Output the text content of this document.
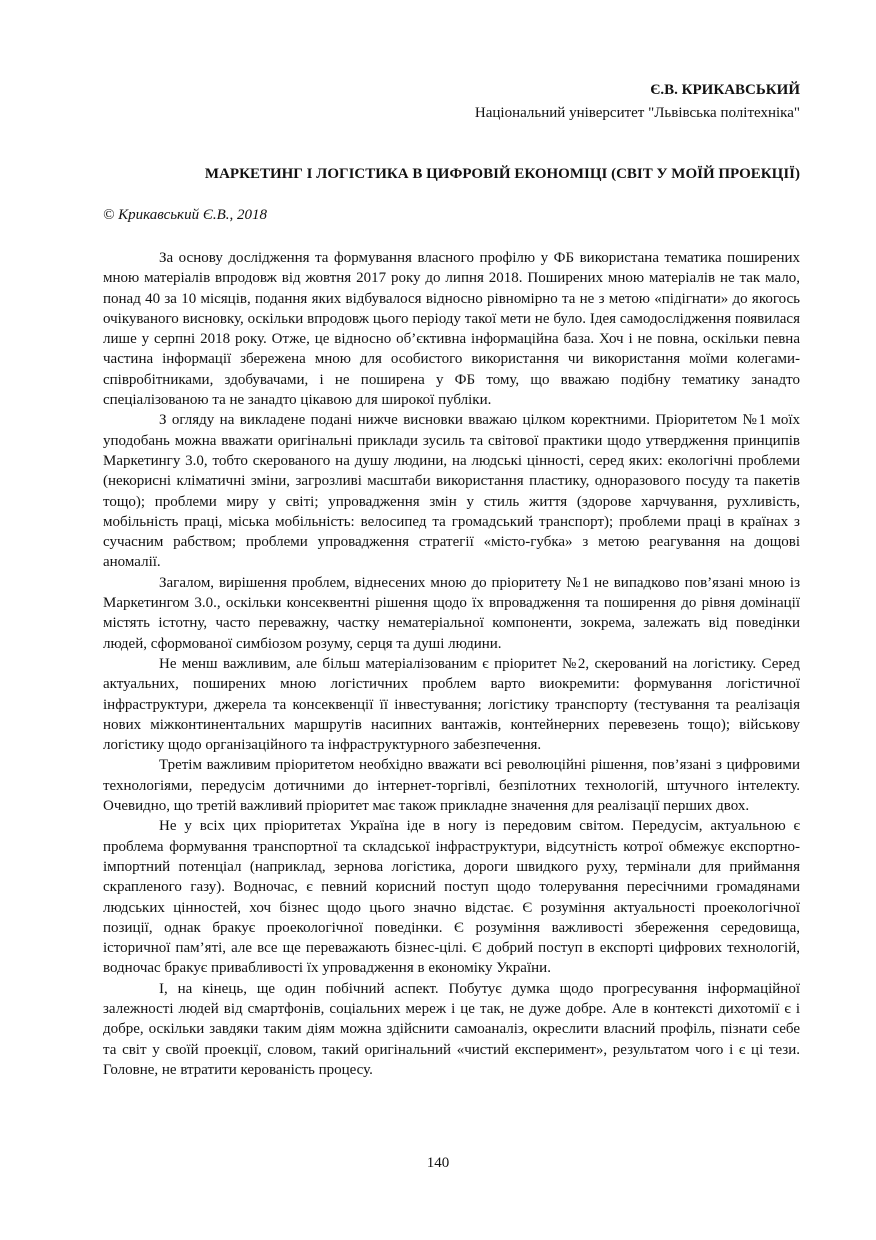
Є.В. КРИКАВСЬКИЙ

Національний університет "Львівська політехніка"

МАРКЕТИНГ І ЛОГІСТИКА В ЦИФРОВІЙ ЕКОНОМІЦІ (СВІТ У МОЇЙ ПРОЕКЦІЇ)

© Крикавський Є.В., 2018

За основу дослідження та формування власного профілю у ФБ використана тематика поширених мною матеріалів впродовж від жовтня 2017 року до липня 2018. Поширених мною матеріалів не так мало, понад 40 за 10 місяців, подання яких відбувалося відносно рівномірно та не з метою «підігнати» до якогось очікуваного висновку, оскільки впродовж цього періоду такої мети не було. Ідея самодослідження появилася лише у серпні 2018 року. Отже, це відносно об’єктивна інформаційна база. Хоч і не повна, оскільки певна частина інформації збережена мною для особистого використання чи використання моїми колегами-співробітниками, здобувачами, і не поширена у ФБ тому, що вважаю подібну тематику занадто спеціалізованою та не занадто цікавою для широкої публіки.

З огляду на викладене подані нижче висновки вважаю цілком коректними. Пріоритетом №1 моїх уподобань можна вважати оригінальні приклади зусиль та світової практики щодо утвердження принципів Маркетингу 3.0, тобто скерованого на душу людини, на людські цінності, серед яких: екологічні проблеми (некорисні кліматичні зміни, загрозливі масштаби використання пластику, одноразового посуду та пакетів тощо); проблеми миру у світі; упровадження змін у стиль життя (здорове харчування, рухливість, мобільність праці, міська мобільність: велосипед та громадський транспорт); проблеми праці в країнах з сучасним рабством; проблеми упровадження стратегії «місто-губка» з метою реагування на дощові аномалії.

Загалом, вирішення проблем, віднесених мною до пріоритету №1 не випадково пов’язані мною із Маркетингом 3.0., оскільки консеквентні рішення щодо їх впровадження та поширення до рівня домінації містять істотну, часто переважну, частку нематеріальної компоненти, зокрема, залежать від поведінки людей, сформованої симбіозом розуму, серця та душі людини.

Не менш важливим, але більш матеріалізованим є пріоритет №2, скерований на логістику. Серед актуальних, поширених мною логістичних проблем варто виокремити: формування логістичної інфраструктури, джерела та консеквенції її інвестування; логістику транспорту (тестування та реалізація нових міжконтинентальних маршрутів насипних вантажів, контейнерних перевезень тощо); військову логістику щодо організаційного та інфраструктурного забезпечення.

Третім важливим пріоритетом необхідно вважати всі революційні рішення, пов’язані з цифровими технологіями, передусім дотичними до інтернет-торгівлі, безпілотних технологій, штучного інтелекту. Очевидно, що третій важливий пріоритет має також прикладне значення для реалізації перших двох.

Не у всіх цих пріоритетах Україна іде в ногу із передовим світом. Передусім, актуальною є проблема формування транспортної та складської інфраструктури, відсутність котрої обмежує експортно-імпортний потенціал (наприклад, зернова логістика, дороги швидкого руху, термінали для приймання скрапленого газу). Водночас, є певний корисний поступ щодо толерування пересічними громадянами людських цінностей, хоч бізнес щодо цього значно відстає. Є розуміння актуальності проекологічної позиції, однак бракує проекологічної поведінки. Є розуміння важливості збереження середовища, історичної пам’яті, але все ще переважають бізнес-цілі. Є добрий поступ в експорті цифрових технологій, водночас бракує привабливості їх упровадження в економіку України.

І, на кінець, ще один побічний аспект. Побутує думка щодо прогресування інформаційної залежності людей від смартфонів, соціальних мереж і це так, не дуже добре. Але в контексті дихотомії є і добре, оскільки завдяки таким діям можна здійснити самоаналіз, окреслити власний профіль, пізнати себе та світ у своїй проекції, словом, такий оригінальний «чистий експеримент», результатом чого і є ці тези. Головне, не втратити керованість процесу.

140
